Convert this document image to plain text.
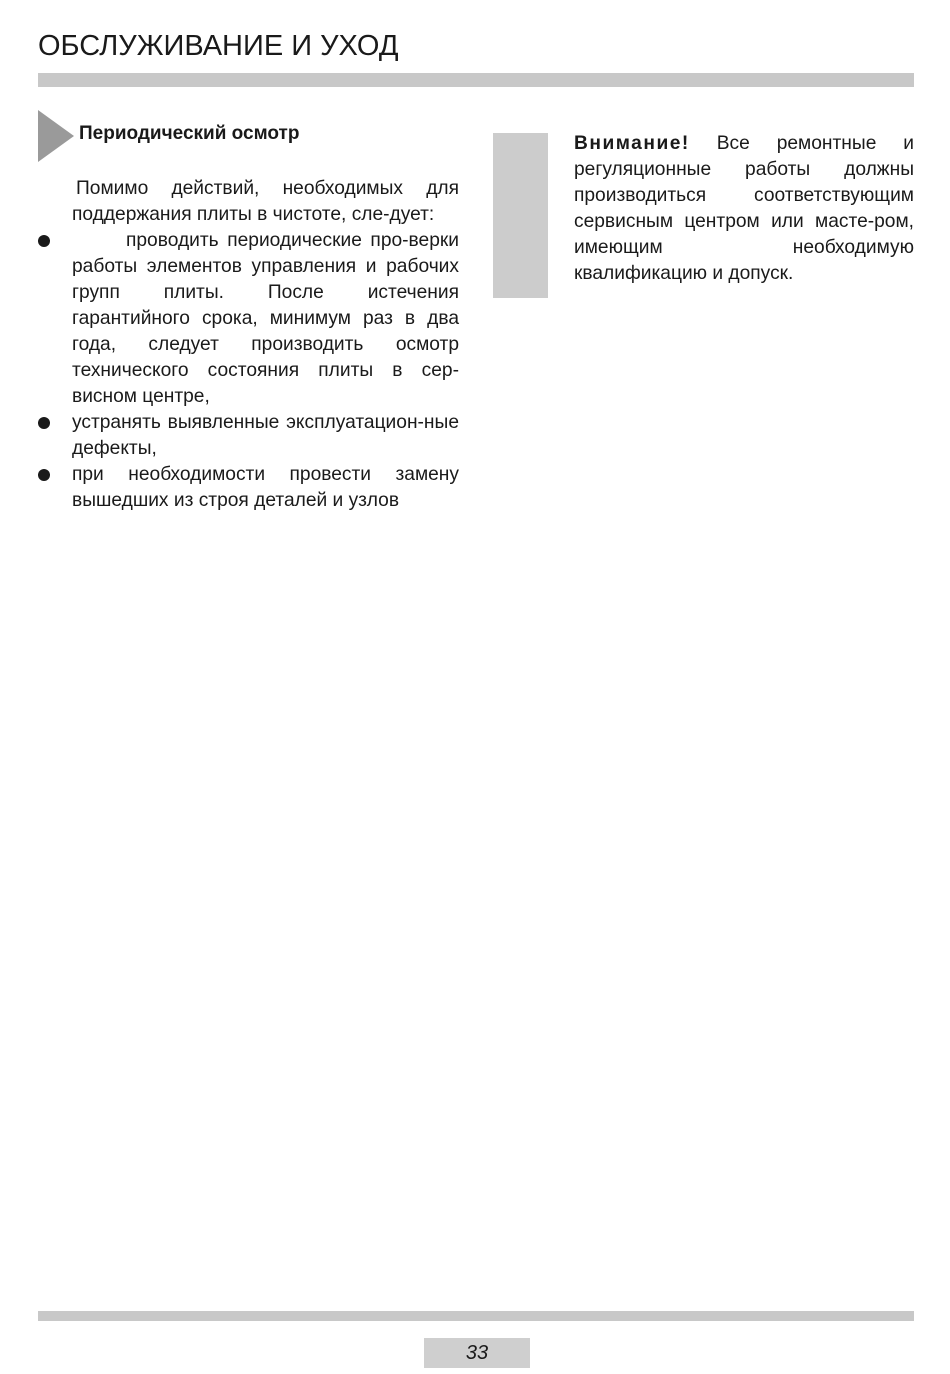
ОБСЛУЖИВАНИЕ И УХОД
Периодический осмотр

Помимо действий, необходимых для поддержания плиты в чистоте, сле-дует:

проводить периодические про-верки работы элементов управления и рабочих групп плиты. После истечения гарантийного срока, минимум раз в два года, следует производить осмотр технического состояния плиты в сер-висном центре,
устранять выявленные эксплуатацион-ные дефекты,
при необходимости провести замену вышедших из строя деталей и узлов

Внимание! Все ремонтные и регуляционные работы должны производиться соответствующим сервисным центром или масте-ром, имеющим необходимую квалификацию и допуск.

33
